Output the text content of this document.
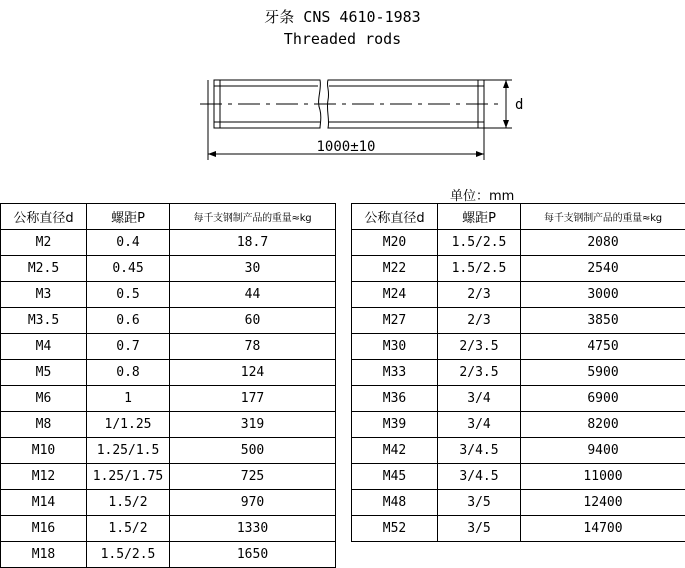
牙条 CNS 4610-1983
Threaded rods
1000±10
d
单位：mm
公称直径d	螺距P	每千支钢制产品的重量≈kg
M2	0.4	18.7
M2.5	0.45	30
M3	0.5	44
M3.5	0.6	60
M4	0.7	78
M5	0.8	124
M6	1	177
M8	1/1.25	319
M10	1.25/1.5	500
M12	1.25/1.75	725
M14	1.5/2	970
M16	1.5/2	1330
M18	1.5/2.5	1650
公称直径d	螺距P	每千支钢制产品的重量≈kg
M20	1.5/2.5	2080
M22	1.5/2.5	2540
M24	2/3	3000
M27	2/3	3850
M30	2/3.5	4750
M33	2/3.5	5900
M36	3/4	6900
M39	3/4	8200
M42	3/4.5	9400
M45	3/4.5	11000
M48	3/5	12400
M52	3/5	14700
